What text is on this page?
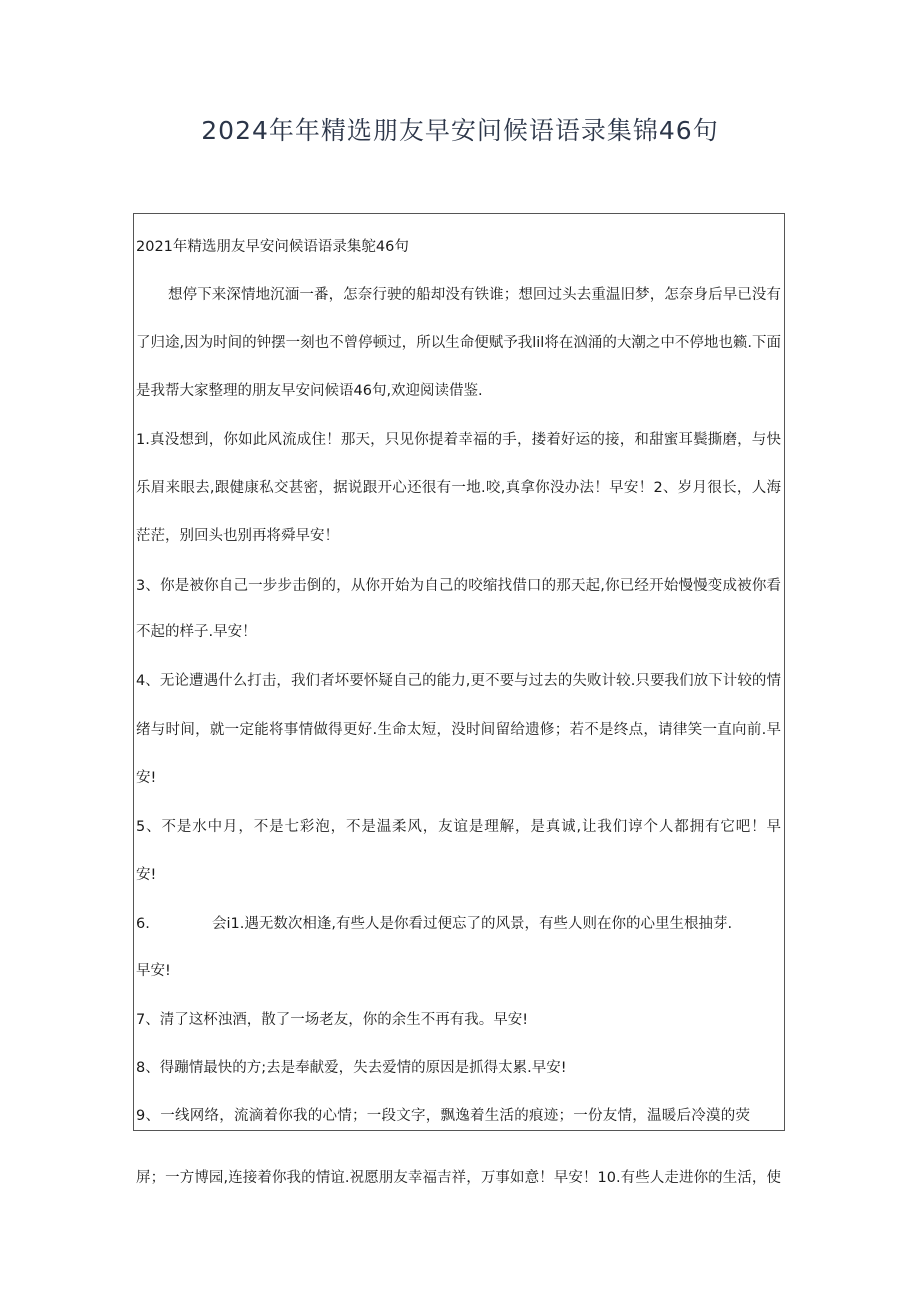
2024年年精选朋友早安问候语语录集锦46句
2021年精选朋友早安问候语语录集鸵46句
想停下来深情地沉湎一番，怎奈行驶的船却没有铁谁；想回过头去重温旧梦，怎奈身后早已没有
了归途,因为时间的钟摆一刻也不曾停顿过，所以生命便赋予我lil将在汹涌的大潮之中不停地也籁.下面
是我帮大家整理的朋友早安问候语46句,欢迎阅读借鉴.
1.真没想到，你如此风流成住！那天，只见你提着幸福的手，搂着好运的接，和甜蜜耳鬓撕磨，与快
乐眉来眼去,跟健康私交甚密，据说跟开心还很有一地.咬,真拿你没办法！早安！2、岁月很长，人海
茫茫，别回头也别再将舜早安！
3、你是被你自己一步步击倒的，从你开始为自己的咬缩找借口的那天起,你已经开始慢慢变成被你看
不起的样子.早安！
4、无论遭遇什么打击，我们者坏要怀疑自己的能力,更不要与过去的失败计较.只要我们放下计较的情
绪与时间，就一定能将事情做得更好.生命太短，没时间留给遗修；若不是终点，请律笑一直向前.早
安!
5、不是水中月，不是七彩泡，不是温柔风，友谊是理解，是真诚,让我们谆个人都拥有它吧！早
安!
6.	会i1.遇无数次相逢,有些人是你看过便忘了的风景，有些人则在你的心里生根抽芽.
早安!
7、清了这杯浊酒，散了一场老友，你的余生不再有我。早安!
8、得蹦情最快的方;去是奉献爱，失去爱情的原因是抓得太累.早安!
9、一线网络，流滴着你我的心情；一段文字，飘逸着生活的痕迹；一份友情，温暖后冷漠的荧
屏；一方博园,连接着你我的情谊.祝愿朋友幸福吉祥，万事如意！早安！10.有些人走进你的生活，使
